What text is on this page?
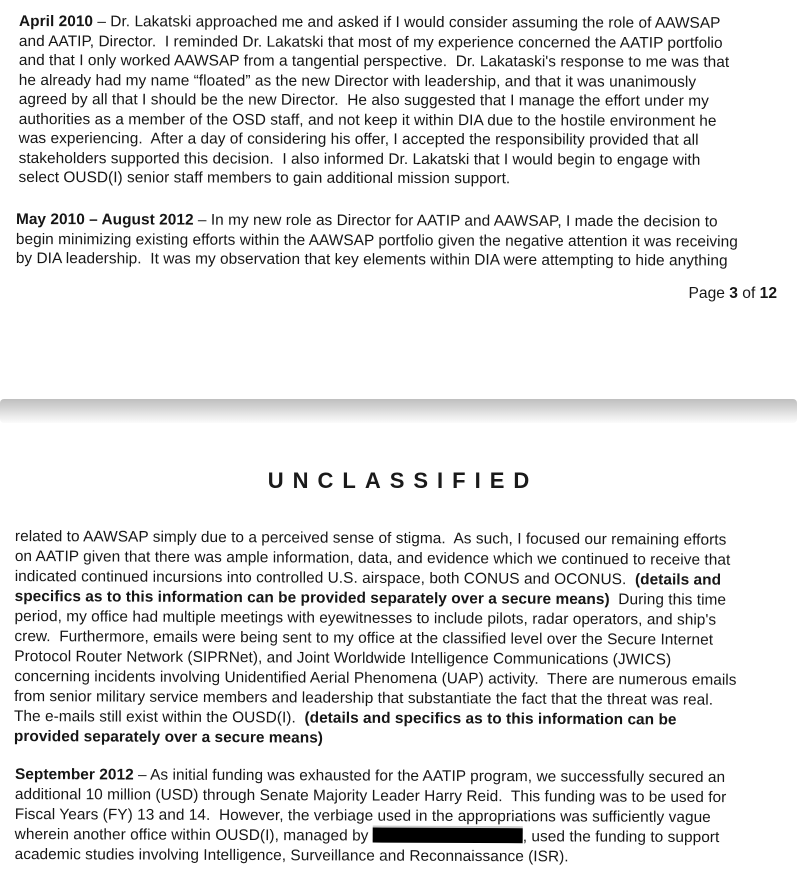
April 2010 – Dr. Lakatski approached me and asked if I would consider assuming the role of AAWSAP
and AATIP, Director.  I reminded Dr. Lakatski that most of my experience concerned the AATIP portfolio
and that I only worked AAWSAP from a tangential perspective.  Dr. Lakataski's response to me was that
he already had my name “floated” as the new Director with leadership, and that it was unanimously
agreed by all that I should be the new Director.  He also suggested that I manage the effort under my
authorities as a member of the OSD staff, and not keep it within DIA due to the hostile environment he
was experiencing.  After a day of considering his offer, I accepted the responsibility provided that all
stakeholders supported this decision.  I also informed Dr. Lakatski that I would begin to engage with
select OUSD(I) senior staff members to gain additional mission support.
May 2010 – August 2012 – In my new role as Director for AATIP and AAWSAP, I made the decision to
begin minimizing existing efforts within the AAWSAP portfolio given the negative attention it was receiving
by DIA leadership.  It was my observation that key elements within DIA were attempting to hide anything
Page 3 of 12
UNCLASSIFIED
related to AAWSAP simply due to a perceived sense of stigma.  As such, I focused our remaining efforts
on AATIP given that there was ample information, data, and evidence which we continued to receive that
indicated continued incursions into controlled U.S. airspace, both CONUS and OCONUS.  (details and
specifics as to this information can be provided separately over a secure means)  During this time
period, my office had multiple meetings with eyewitnesses to include pilots, radar operators, and ship's
crew.  Furthermore, emails were being sent to my office at the classified level over the Secure Internet
Protocol Router Network (SIPRNet), and Joint Worldwide Intelligence Communications (JWICS)
concerning incidents involving Unidentified Aerial Phenomena (UAP) activity.  There are numerous emails
from senior military service members and leadership that substantiate the fact that the threat was real.
The e-mails still exist within the OUSD(I).  (details and specifics as to this information can be
provided separately over a secure means)
September 2012 – As initial funding was exhausted for the AATIP program, we successfully secured an
additional 10 million (USD) through Senate Majority Leader Harry Reid.  This funding was to be used for
Fiscal Years (FY) 13 and 14.  However, the verbiage used in the appropriations was sufficiently vague
wherein another office within OUSD(I), managed by	, used the funding to support
academic studies involving Intelligence, Surveillance and Reconnaissance (ISR).
